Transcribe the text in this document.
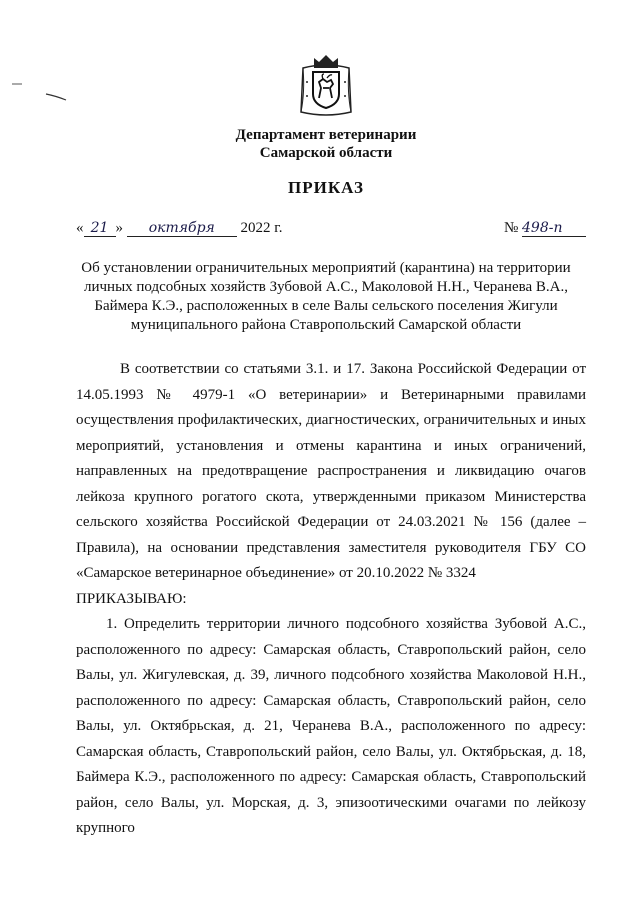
Департамент ветеринарии
Самарской области
ПРИКАЗ
« 21 » октября 2022 г.	№ 498-п
Об установлении ограничительных мероприятий (карантина) на территории личных подсобных хозяйств Зубовой А.С., Маколовой Н.Н., Черанева В.А., Баймера К.Э., расположенных в селе Валы сельского поселения Жигули муниципального района Ставропольский Самарской области

В соответствии со статьями 3.1. и 17. Закона Российской Федерации от 14.05.1993 № 4979-1 «О ветеринарии» и Ветеринарными правилами осуществления профилактических, диагностических, ограничительных и иных мероприятий, установления и отмены карантина и иных ограничений, направленных на предотвращение распространения и ликвидацию очагов лейкоза крупного рогатого скота, утвержденными приказом Министерства сельского хозяйства Российской Федерации от 24.03.2021 № 156 (далее – Правила), на основании представления заместителя руководителя ГБУ СО «Самарское ветеринарное объединение» от 20.10.2022 № 3324

ПРИКАЗЫВАЮ:

1. Определить территории личного подсобного хозяйства Зубовой А.С., расположенного по адресу: Самарская область, Ставропольский район, село Валы, ул. Жигулевская, д. 39, личного подсобного хозяйства Маколовой Н.Н., расположенного по адресу: Самарская область, Ставропольский район, село Валы, ул. Октябрьская, д. 21, Черанева В.А., расположенного по адресу: Самарская область, Ставропольский район, село Валы, ул. Октябрьская, д. 18, Баймера К.Э., расположенного по адресу: Самарская область, Ставропольский район, село Валы, ул. Морская, д. 3, эпизоотическими очагами по лейкозу крупного
